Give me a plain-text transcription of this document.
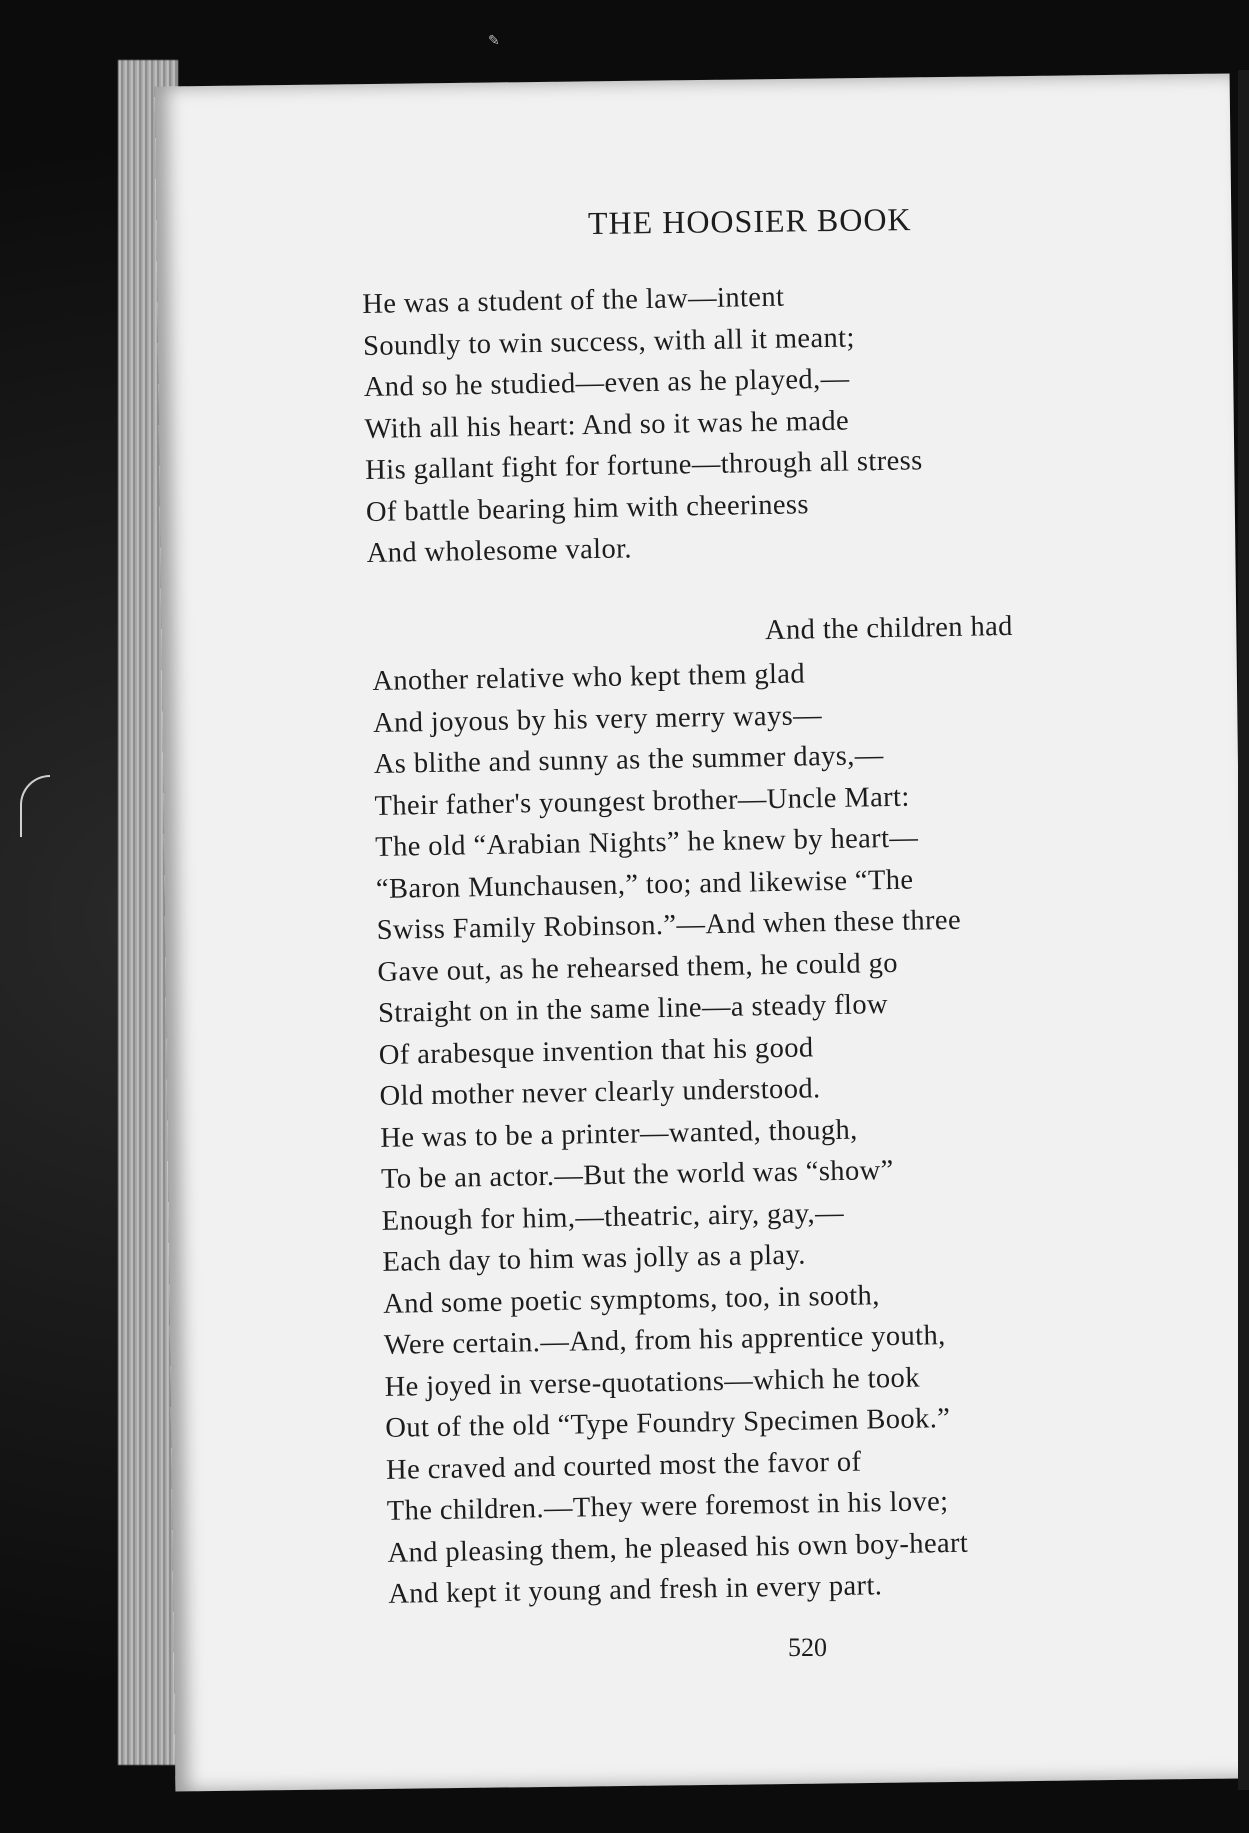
✎
THE HOOSIER BOOK
He was a student of the law—intent
Soundly to win success, with all it meant;
And so he studied—even as he played,—
With all his heart: And so it was he made
His gallant fight for fortune—through all stress
Of battle bearing him with cheeriness
And wholesome valor.
And the children had
Another relative who kept them glad
And joyous by his very merry ways—
As blithe and sunny as the summer days,—
Their father's youngest brother—Uncle Mart:
The old “Arabian Nights” he knew by heart—
“Baron Munchausen,” too; and likewise “The
Swiss Family Robinson.”—And when these three
Gave out, as he rehearsed them, he could go
Straight on in the same line—a steady flow
Of arabesque invention that his good
Old mother never clearly understood.
He was to be a printer—wanted, though,
To be an actor.—But the world was “show”
Enough for him,—theatric, airy, gay,—
Each day to him was jolly as a play.
And some poetic symptoms, too, in sooth,
Were certain.—And, from his apprentice youth,
He joyed in verse-quotations—which he took
Out of the old “Type Foundry Specimen Book.”
He craved and courted most the favor of
The children.—They were foremost in his love;
And pleasing them, he pleased his own boy-heart
And kept it young and fresh in every part.
520
